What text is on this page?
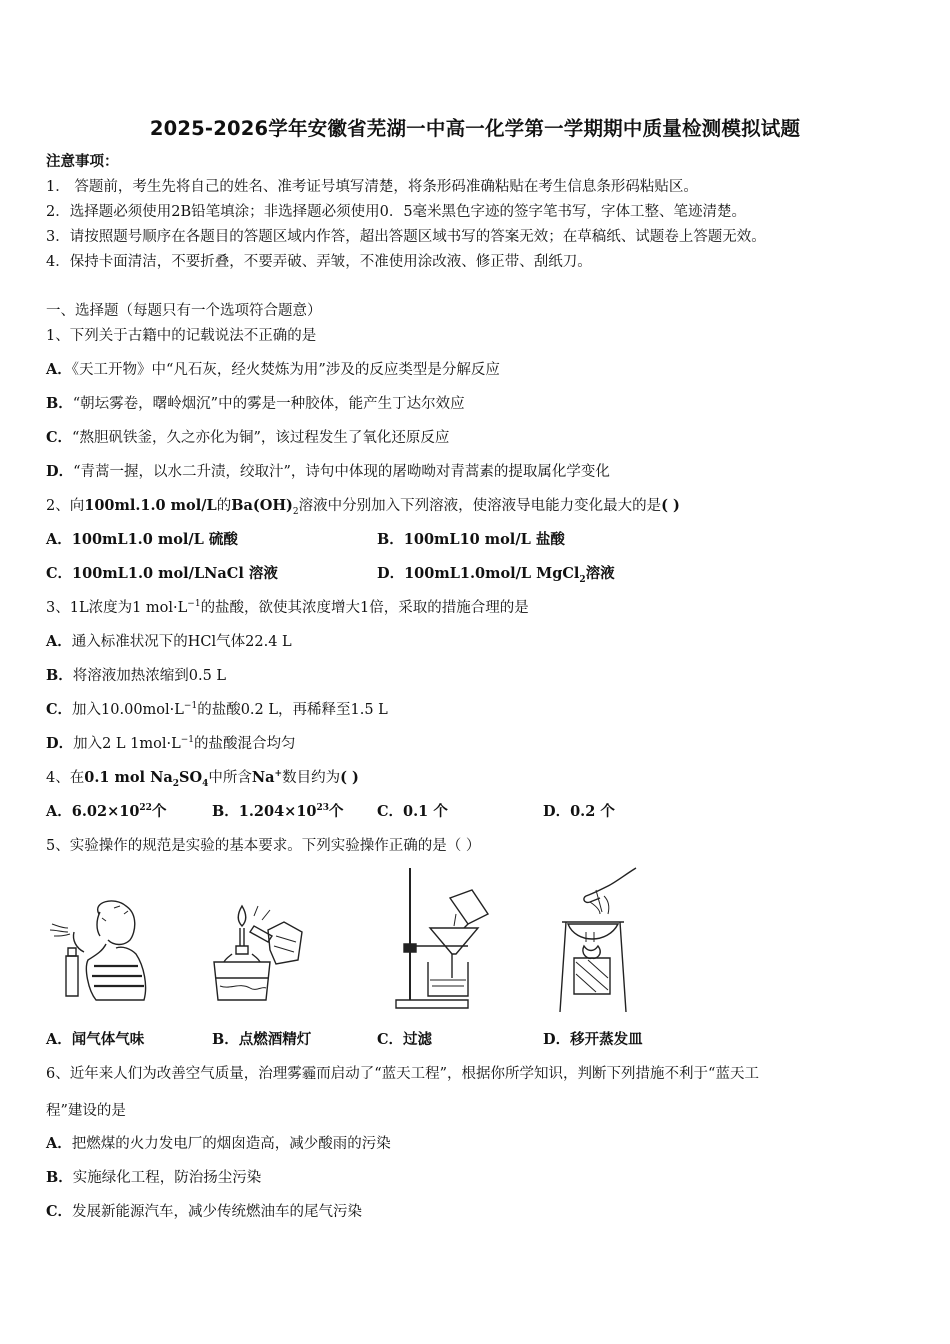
2025-2026学年安徽省芜湖一中高一化学第一学期期中质量检测模拟试题
注意事项：
1． 答题前，考生先将自己的姓名、准考证号填写清楚，将条形码准确粘贴在考生信息条形码粘贴区。
2．选择题必须使用2B铅笔填涂；非选择题必须使用0．5毫米黑色字迹的签字笔书写，字体工整、笔迹清楚。
3．请按照题号顺序在各题目的答题区域内作答，超出答题区域书写的答案无效；在草稿纸、试题卷上答题无效。
4．保持卡面清洁，不要折叠，不要弄破、弄皱，不准使用涂改液、修正带、刮纸刀。
一、选择题（每题只有一个选项符合题意）
1、下列关于古籍中的记载说法不正确的是
A．《天工开物》中“凡石灰，经火焚炼为用”涉及的反应类型是分解反应
B．“朝坛雾卷，曙岭烟沉”中的雾是一种胶体，能产生丁达尔效应
C．“熬胆矾铁釜，久之亦化为铜”，该过程发生了氧化还原反应
D．“青蒿一握，以水二升渍，绞取汁”，诗句中体现的屠呦呦对青蒿素的提取属化学变化
2、向100ml.1.0 mol/L的$Ba(OH)_2$溶液中分别加入下列溶液，使溶液导电能力变化最大的是( )
A．100mL1.0 mol/L 硫酸	B．100mL10 mol/L 盐酸
C．100mL1.0 mol/LNaCl 溶液	D．100mL1.0mol/L MgCl$_2$溶液
3、1L浓度为1 $mol\cdot L^{-1}$的盐酸，欲使其浓度增大1倍，采取的措施合理的是
A．通入标准状况下的HCl气体22.4 L
B．将溶液加热浓缩到0.5 L
C．加入$10.00mol\cdot L^{-1}$的盐酸0.2 L，再稀释至1.5 L
D．加入2 L $1mol\cdot L^{-1}$的盐酸混合均匀
4、在0.1 mol $Na_2SO_4$中所含Na+数目约为( )
A．$6.02\times 10^{22}$个	B．$1.204\times 10^{23}$个 C．0.1 个	D．0.2 个
5、实验操作的规范是实验的基本要求。下列实验操作正确的是（ ）
A．闻气体气味	B．点燃酒精灯	C．过滤	D．移开蒸发皿
6、近年来人们为改善空气质量，治理雾霾而启动了“蓝天工程”，根据你所学知识，判断下列措施不利于“蓝天工
程”建设的是
A．把燃煤的火力发电厂的烟囱造高，减少酸雨的污染
B．实施绿化工程，防治扬尘污染
C．发展新能源汽车，减少传统燃油车的尾气污染
